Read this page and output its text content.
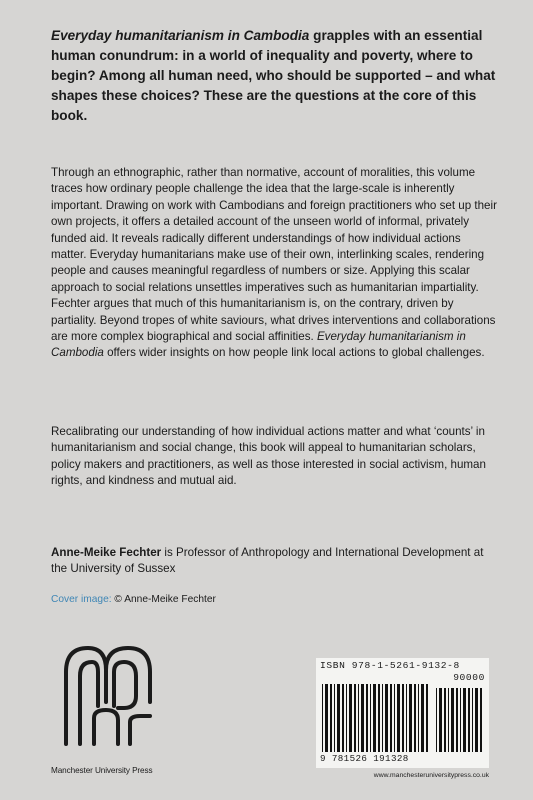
Everyday humanitarianism in Cambodia grapples with an essential human conundrum: in a world of inequality and poverty, where to begin? Among all human need, who should be supported – and what shapes these choices? These are the questions at the core of this book.

Through an ethnographic, rather than normative, account of moralities, this volume traces how ordinary people challenge the idea that the large-scale is inherently important. Drawing on work with Cambodians and foreign practitioners who set up their own projects, it offers a detailed account of the unseen world of informal, privately funded aid. It reveals radically different understandings of how individual actions matter. Everyday humanitarians make use of their own, interlinking scales, rendering people and causes meaningful regardless of numbers or size. Applying this scalar approach to social relations unsettles imperatives such as humanitarian impartiality. Fechter argues that much of this humanitarianism is, on the contrary, driven by partiality. Beyond tropes of white saviours, what drives interventions and collaborations are more complex biographical and social affinities. Everyday humanitarianism in Cambodia offers wider insights on how people link local actions to global challenges.

Recalibrating our understanding of how individual actions matter and what ‘counts’ in humanitarianism and social change, this book will appeal to humanitarian scholars, policy makers and practitioners, as well as those interested in social activism, human rights, and kindness and mutual aid.

Anne-Meike Fechter is Professor of Anthropology and International Development at the University of Sussex

Cover image: © Anne-Meike Fechter

Manchester University Press

ISBN 978-1-5261-9132-8

90000

9 781526 191328

www.manchesteruniversitypress.co.uk
